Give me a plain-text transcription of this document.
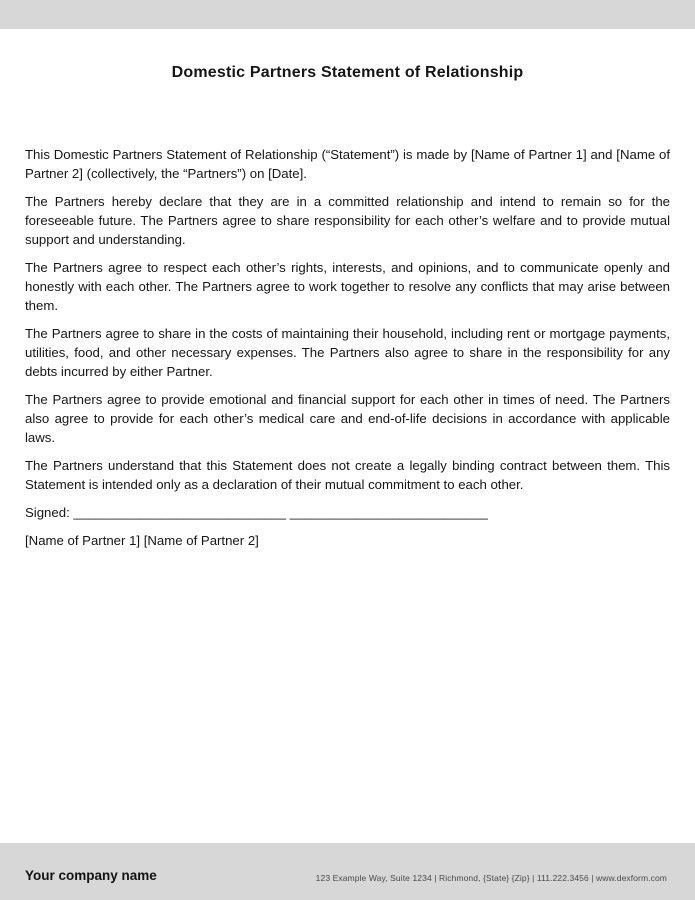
Domestic Partners Statement of Relationship

This Domestic Partners Statement of Relationship (“Statement”) is made by [Name of Partner 1] and [Name of Partner 2] (collectively, the “Partners”) on [Date].

The Partners hereby declare that they are in a committed relationship and intend to remain so for the foreseeable future. The Partners agree to share responsibility for each other’s welfare and to provide mutual support and understanding.

The Partners agree to respect each other’s rights, interests, and opinions, and to communicate openly and honestly with each other. The Partners agree to work together to resolve any conflicts that may arise between them.

The Partners agree to share in the costs of maintaining their household, including rent or mortgage payments, utilities, food, and other necessary expenses. The Partners also agree to share in the responsibility for any debts incurred by either Partner.

The Partners agree to provide emotional and financial support for each other in times of need. The Partners also agree to provide for each other’s medical care and end-of-life decisions in accordance with applicable laws.

The Partners understand that this Statement does not create a legally binding contract between them. This Statement is intended only as a declaration of their mutual commitment to each other.

Signed: _____________________________ ___________________________

[Name of Partner 1] [Name of Partner 2]

Your company name	123 Example Way, Suite 1234 | Richmond, {State} {Zip} | 111.222.3456 | www.dexform.com
